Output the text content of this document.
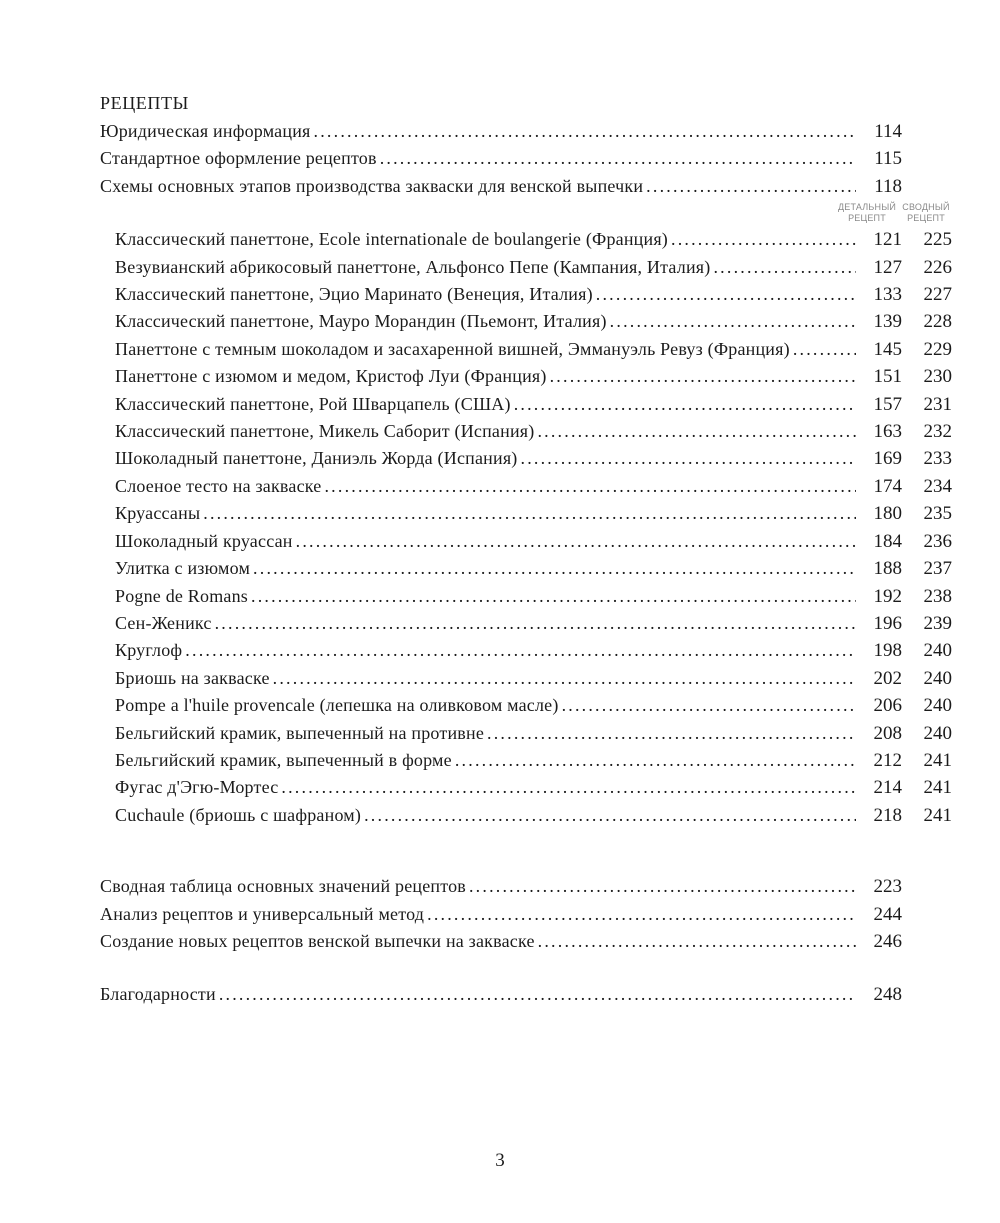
РЕЦЕПТЫ
Юридическая информация .....	114
Стандартное оформление рецептов .....	115
Схемы основных этапов производства закваски для венской выпечки .....	118
ДЕТАЛЬНЫЙ
РЕЦЕПТ
СВОДНЫЙ
РЕЦЕПТ
Классический панеттоне, Ecole internationale de boulangerie (Франция) .....	121	225
Везувианский абрикосовый панеттоне, Альфонсо Пепе (Кампания, Италия) .....	127	226
Классический панеттоне, Эцио Маринато (Венеция, Италия) .....	133	227
Классический панеттоне, Мауро Морандин (Пьемонт, Италия) .....	139	228
Панеттоне с темным шоколадом и засахаренной вишней, Эммануэль Ревуз (Франция) .....	145	229
Панеттоне с изюмом и медом, Кристоф Луи (Франция) .....	151	230
Классический панеттоне, Рой Шварцапель (США) .....	157	231
Классический панеттоне, Микель Саборит (Испания) .....	163	232
Шоколадный панеттоне, Даниэль Жорда (Испания) .....	169	233
Слоеное тесто на закваске .....	174	234
Круассаны .....	180	235
Шоколадный круассан .....	184	236
Улитка с изюмом .....	188	237
Pogne de Romans .....	192	238
Сен-Женикс .....	196	239
Круглоф .....	198	240
Бриошь на закваске .....	202	240
Pompe a l'huile provencale (лепешка на оливковом масле) .....	206	240
Бельгийский крамик, выпеченный на противне .....	208	240
Бельгийский крамик, выпеченный в форме .....	212	241
Фугас д'Эгю-Мортес .....	214	241
Cuchaule (бриошь с шафраном) .....	218	241
Сводная таблица основных значений рецептов .....	223
Анализ рецептов и универсальный метод .....	244
Создание новых рецептов венской выпечки на закваске .....	246
Благодарности .....	248
3
